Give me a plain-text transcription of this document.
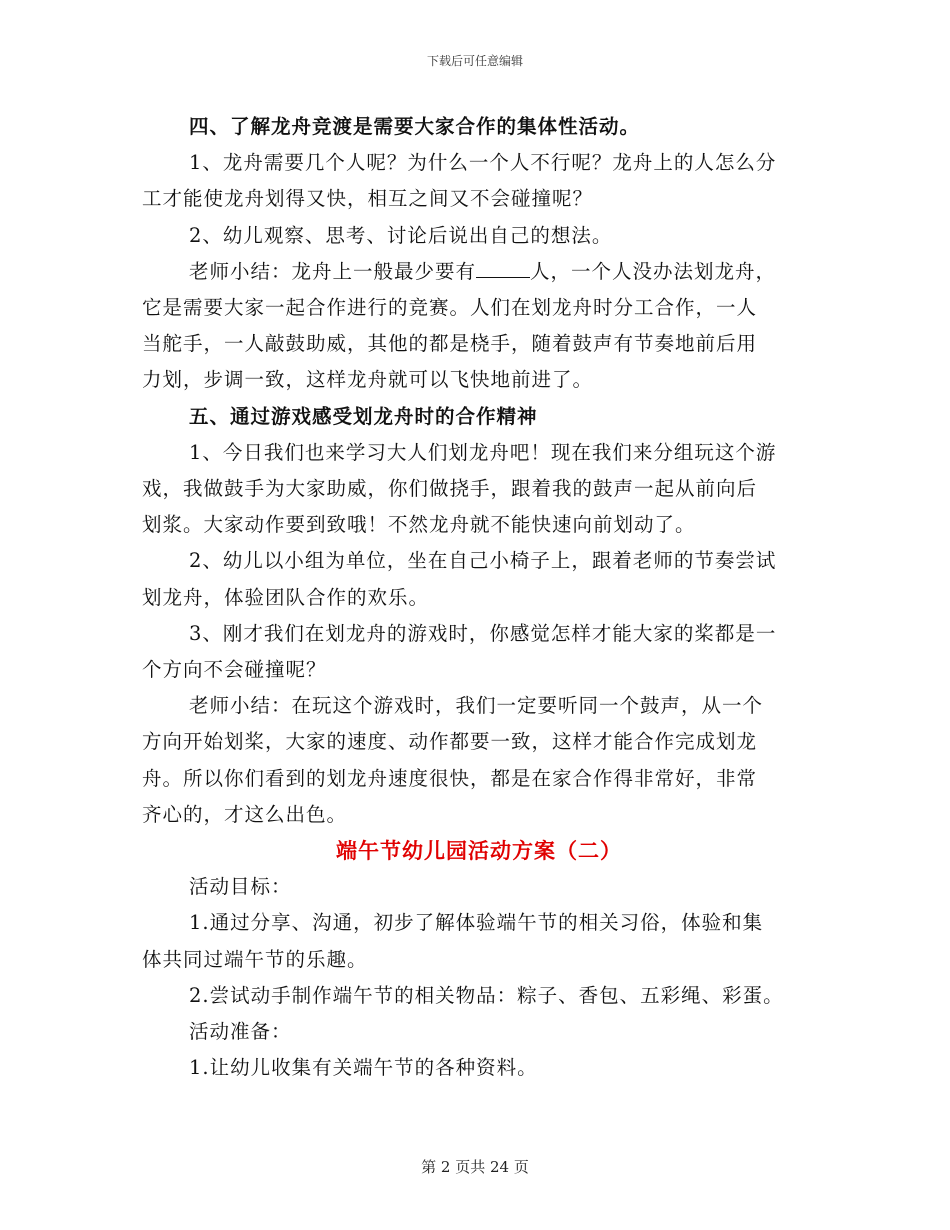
下载后可任意编辑
四、了解龙舟竞渡是需要大家合作的集体性活动。
1、龙舟需要几个人呢？为什么一个人不行呢？龙舟上的人怎么分
工才能使龙舟划得又快，相互之间又不会碰撞呢？
2、幼儿观察、思考、讨论后说出自己的想法。
老师小结：龙舟上一般最少要有	人，一个人没办法划龙舟，
它是需要大家一起合作进行的竞赛。人们在划龙舟时分工合作，一人
当舵手，一人敲鼓助威，其他的都是桡手，随着鼓声有节奏地前后用
力划，步调一致，这样龙舟就可以飞快地前进了。
五、通过游戏感受划龙舟时的合作精神
1、今日我们也来学习大人们划龙舟吧！现在我们来分组玩这个游
戏，我做鼓手为大家助威，你们做挠手，跟着我的鼓声一起从前向后
划浆。大家动作要到致哦！不然龙舟就不能快速向前划动了。
2、幼儿以小组为单位，坐在自己小椅子上，跟着老师的节奏尝试
划龙舟，体验团队合作的欢乐。
3、刚才我们在划龙舟的游戏时，你感觉怎样才能大家的桨都是一
个方向不会碰撞呢？
老师小结：在玩这个游戏时，我们一定要听同一个鼓声，从一个
方向开始划桨，大家的速度、动作都要一致，这样才能合作完成划龙
舟。所以你们看到的划龙舟速度很快，都是在家合作得非常好，非常
齐心的，才这么出色。
端午节幼儿园活动方案（二）
活动目标：
1.通过分享、沟通，初步了解体验端午节的相关习俗，体验和集
体共同过端午节的乐趣。
2.尝试动手制作端午节的相关物品：粽子、香包、五彩绳、彩蛋。
活动准备：
1.让幼儿收集有关端午节的各种资料。
第 2 页共 24 页
